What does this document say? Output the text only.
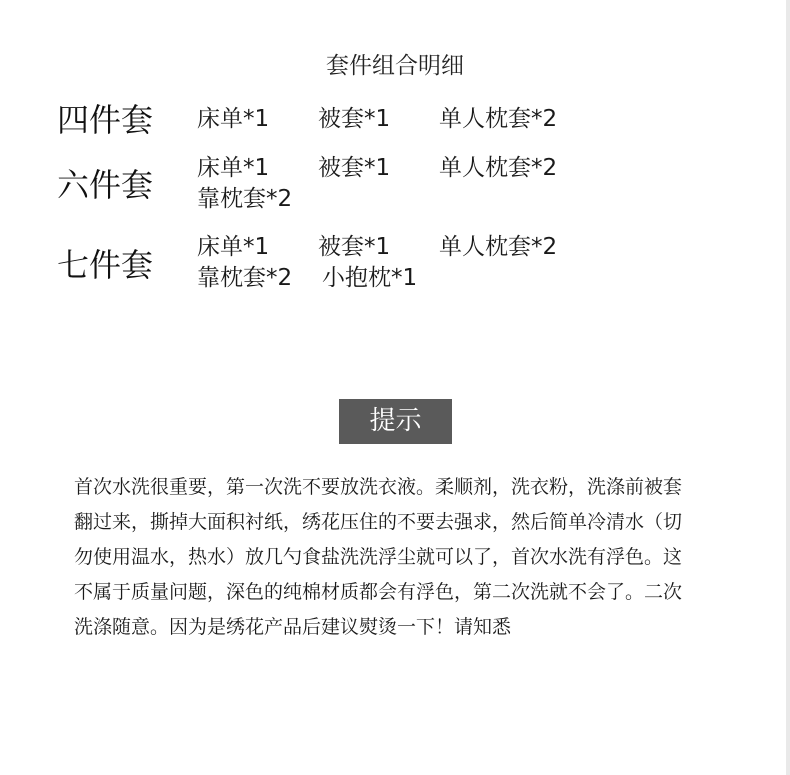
套件组合明细
四件套 床单*1 被套*1 单人枕套*2
六件套 床单*1 被套*1 单人枕套*2
靠枕套*2
七件套 床单*1 被套*1 单人枕套*2
靠枕套*2 小抱枕*1
提示
首次水洗很重要，第一次洗不要放洗衣液。柔顺剂，洗衣粉，洗涤前被套
翻过来，撕掉大面积衬纸，绣花压住的不要去强求，然后简单冷清水（切
勿使用温水，热水）放几勺食盐洗洗浮尘就可以了，首次水洗有浮色。这
不属于质量问题，深色的纯棉材质都会有浮色，第二次洗就不会了。二次
洗涤随意。因为是绣花产品后建议熨烫一下！请知悉
